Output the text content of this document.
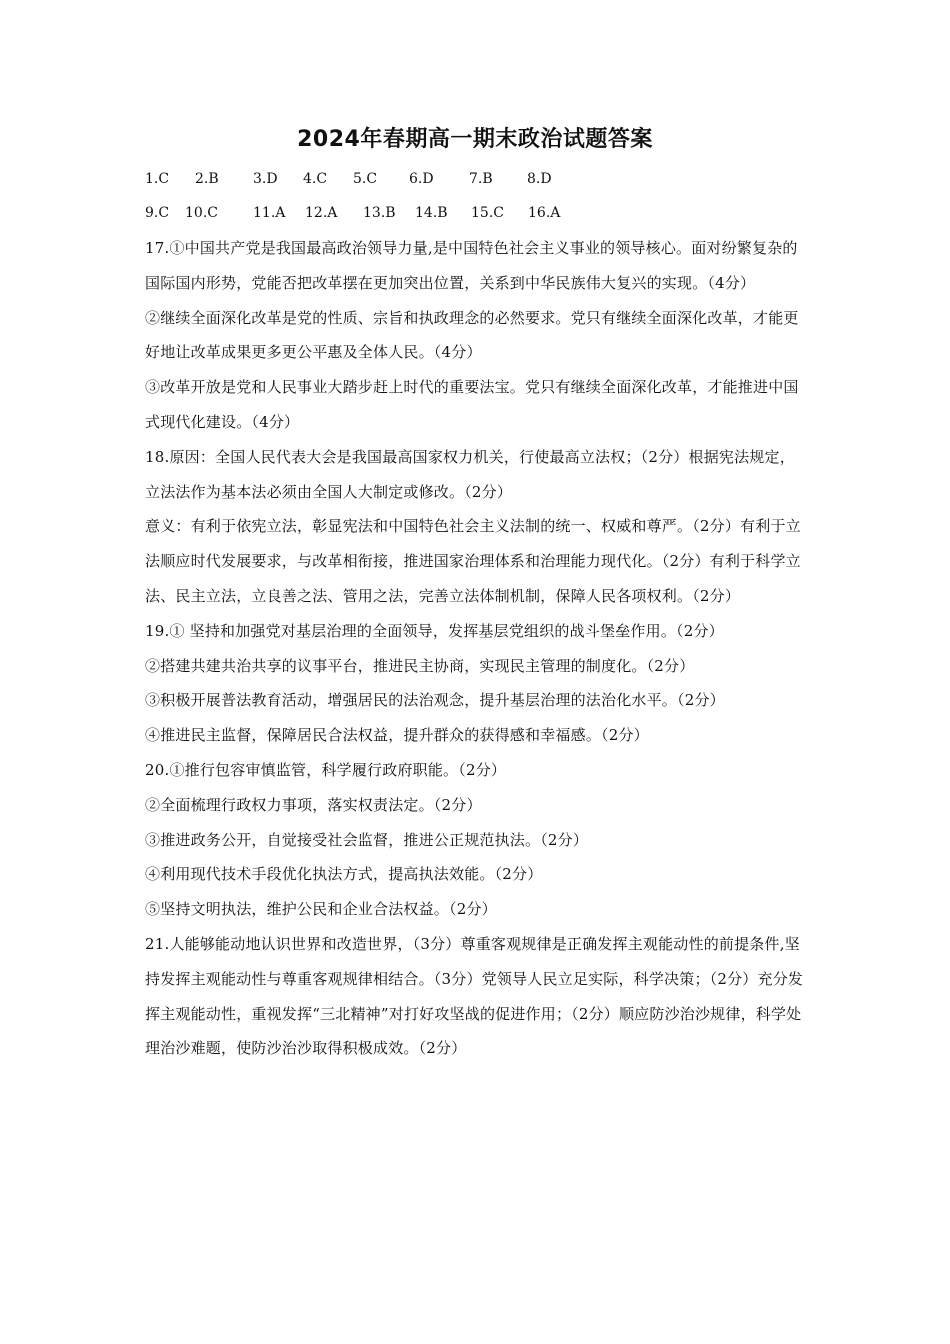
2024年春期高一期末政治试题答案
1.C 2.B 3.D 4.C 5.C 6.D	7.B 8.D
9.C 10.C	11.A 12.A 13.B 14.B 15.C 16.A

17.①中国共产党是我国最高政治领导力量,是中国特色社会主义事业的领导核心。面对纷繁复杂的国际国内形势，党能否把改革摆在更加突出位置，关系到中华民族伟大复兴的实现。（4分）

②继续全面深化改革是党的性质、宗旨和执政理念的必然要求。党只有继续全面深化改革，才能更好地让改革成果更多更公平惠及全体人民。（4分）

③改革开放是党和人民事业大踏步赶上时代的重要法宝。党只有继续全面深化改革，才能推进中国式现代化建设。（4分）

18.原因：全国人民代表大会是我国最高国家权力机关，行使最高立法权；（2分）根据宪法规定，立法法作为基本法必须由全国人大制定或修改。（2分）

意义：有利于依宪立法，彰显宪法和中国特色社会主义法制的统一、权威和尊严。（2分）有利于立法顺应时代发展要求，与改革相衔接，推进国家治理体系和治理能力现代化。（2分）有利于科学立法、民主立法，立良善之法、管用之法，完善立法体制机制，保障人民各项权利。（2分）

19.① 坚持和加强党对基层治理的全面领导，发挥基层党组织的战斗堡垒作用。（2分）

②搭建共建共治共享的议事平台，推进民主协商，实现民主管理的制度化。（2分）

③积极开展普法教育活动，增强居民的法治观念，提升基层治理的法治化水平。（2分）

④推进民主监督，保障居民合法权益，提升群众的获得感和幸福感。（2分）

20.①推行包容审慎监管，科学履行政府职能。（2分）

②全面梳理行政权力事项，落实权责法定。（2分）

③推进政务公开，自觉接受社会监督，推进公正规范执法。（2分）

④利用现代技术手段优化执法方式，提高执法效能。（2分）

⑤坚持文明执法，维护公民和企业合法权益。（2分）

21.人能够能动地认识世界和改造世界，（3分）尊重客观规律是正确发挥主观能动性的前提条件,坚持发挥主观能动性与尊重客观规律相结合。（3分）党领导人民立足实际，科学决策；（2分）充分发挥主观能动性，重视发挥“三北精神”对打好攻坚战的促进作用；（2分）顺应防沙治沙规律，科学处理治沙难题，使防沙治沙取得积极成效。（2分）
